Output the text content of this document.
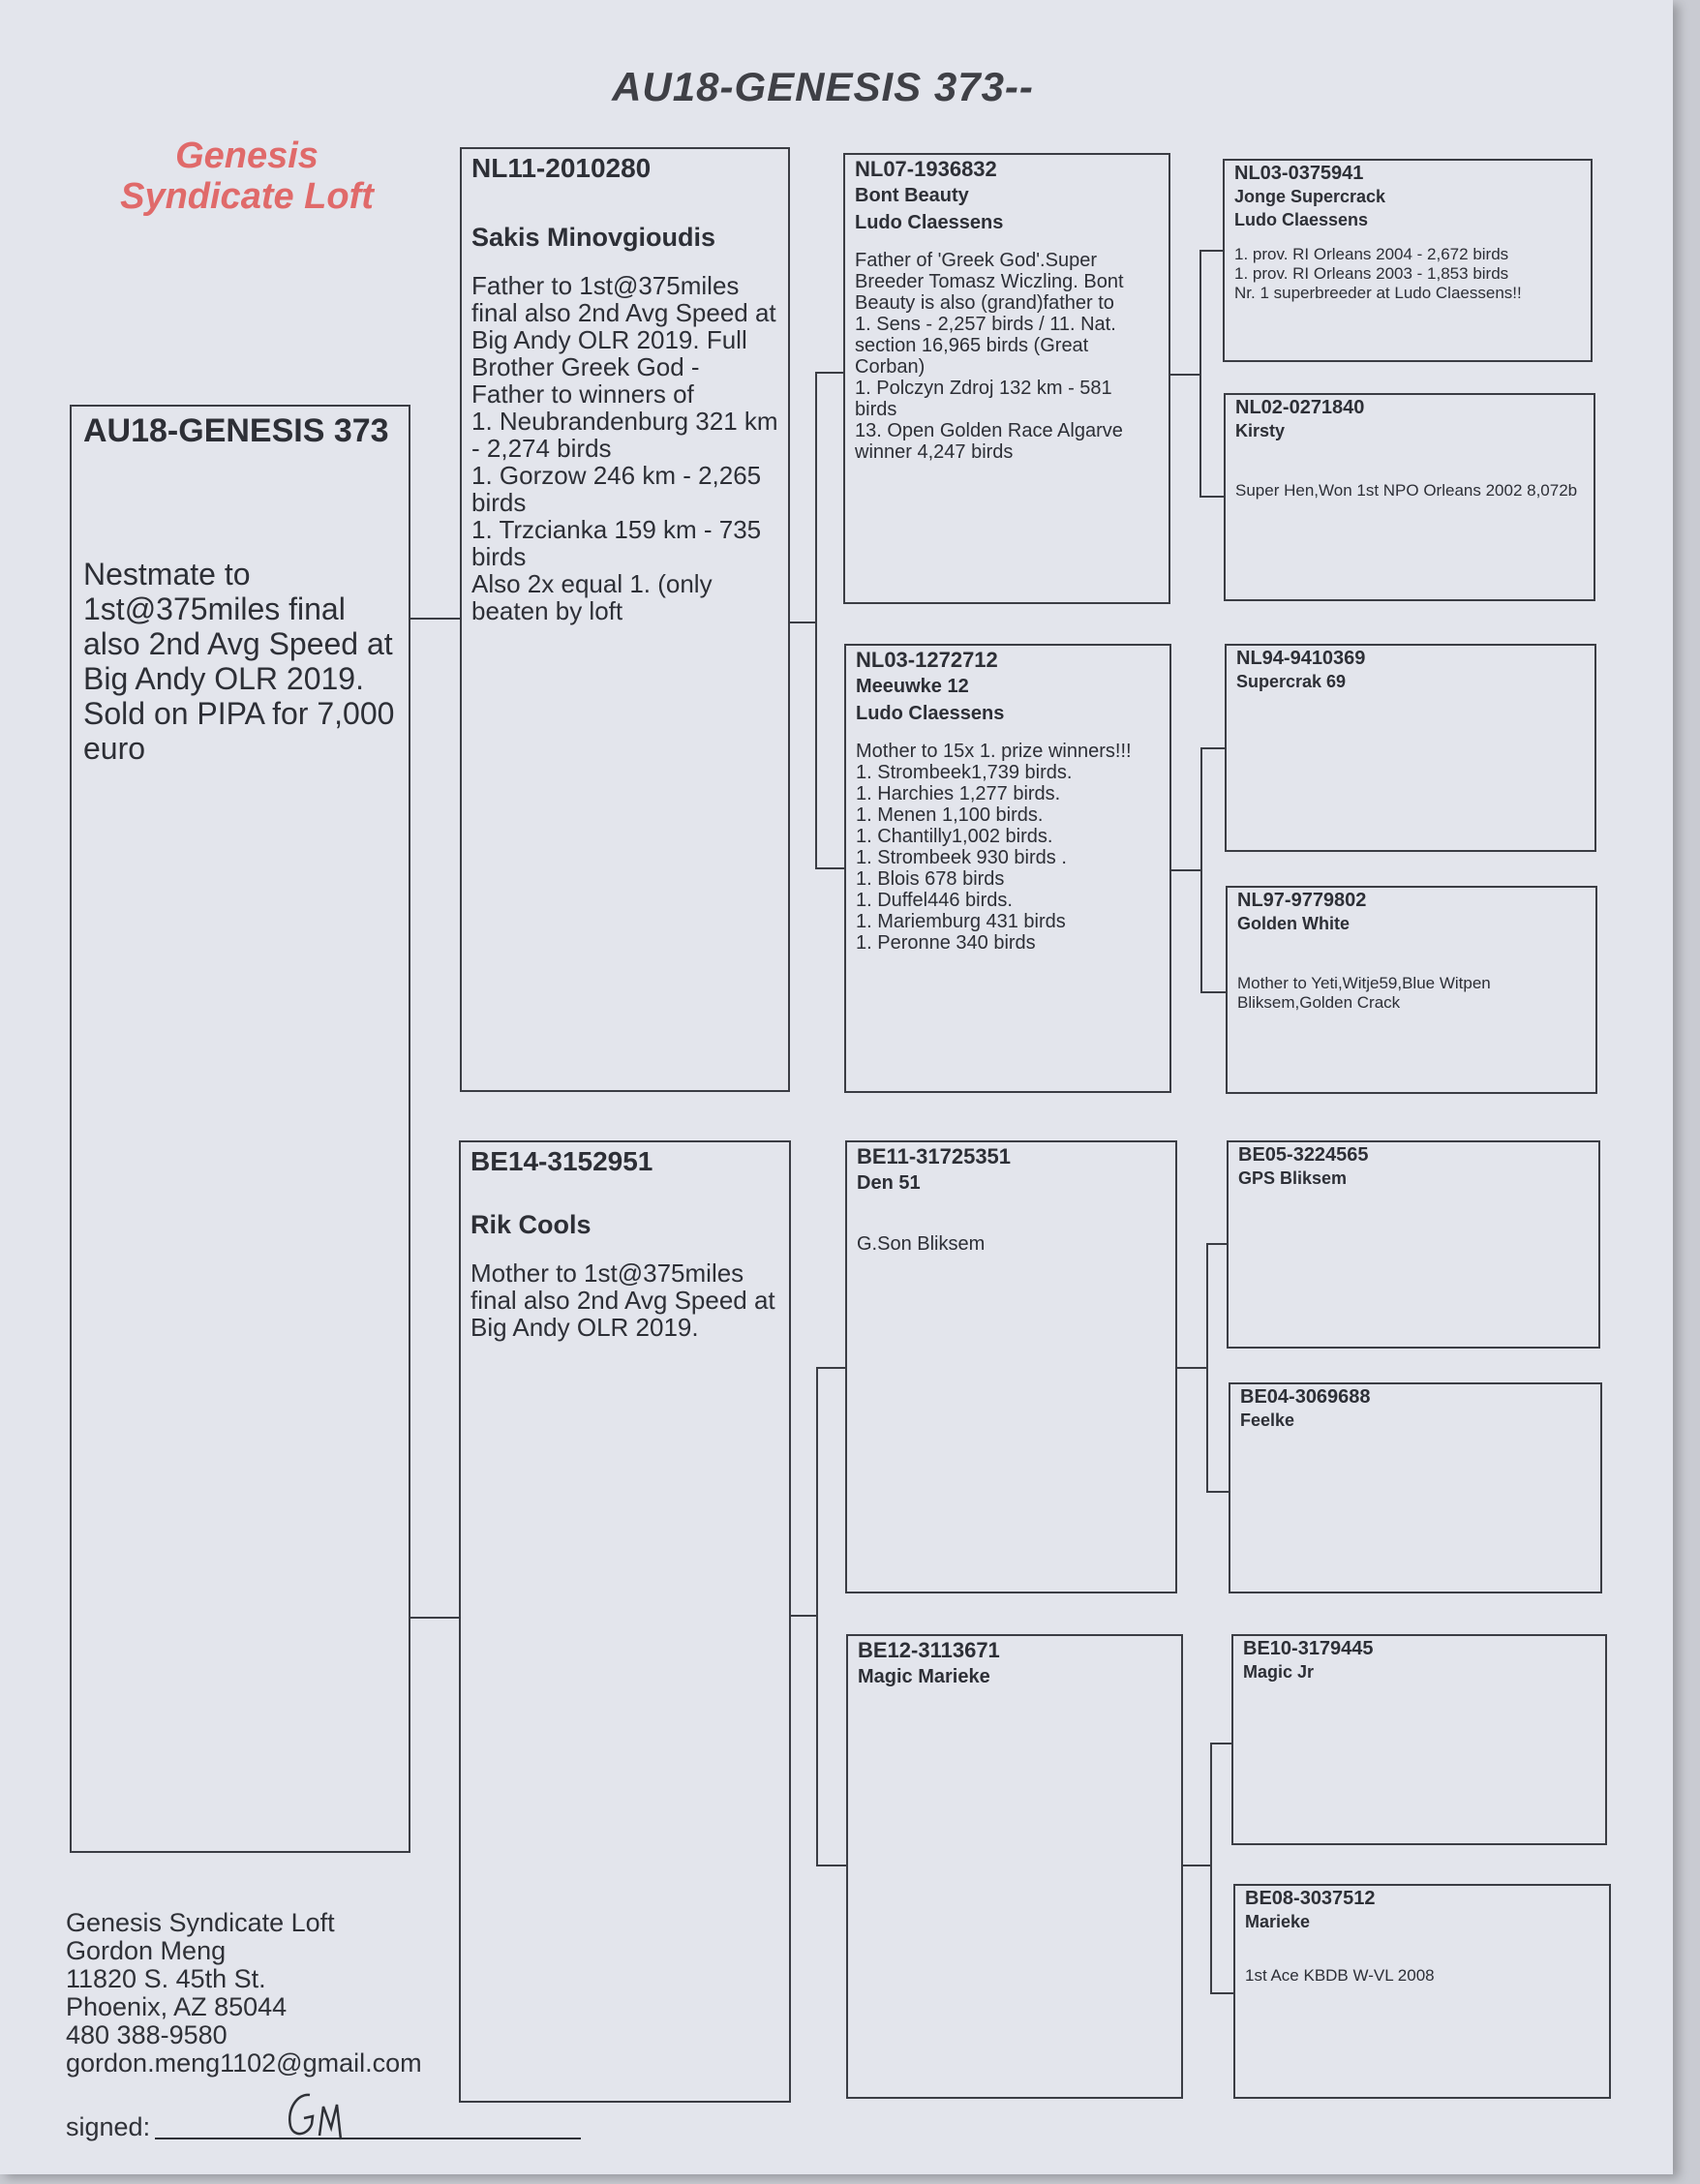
AU18-GENESIS 373--
Genesis
Syndicate Loft
AU18-GENESIS 373
Nestmate to 1st@375miles final also 2nd Avg Speed at Big Andy OLR 2019. Sold on PIPA for 7,000 euro
NL11-2010280
Sakis Minovgioudis
Father to 1st@375miles final also 2nd Avg Speed at Big Andy OLR 2019. Full Brother Greek God - Father to winners of
1. Neubrandenburg 321 km - 2,274 birds
1. Gorzow 246 km - 2,265 birds
1. Trzcianka 159 km - 735 birds
Also 2x equal 1. (only beaten by loft
BE14-3152951
Rik Cools
Mother to 1st@375miles final also 2nd Avg Speed at Big Andy OLR 2019.
NL07-1936832
Bont Beauty
Ludo Claessens
Father of 'Greek God'.Super Breeder Tomasz Wiczling. Bont Beauty is also (grand)father to
1. Sens - 2,257 birds / 11. Nat. section 16,965 birds (Great Corban)
1. Polczyn Zdroj 132 km - 581 birds
13. Open Golden Race Algarve winner 4,247 birds
NL03-1272712
Meeuwke 12
Ludo Claessens
Mother to 15x 1. prize winners!!!
1. Strombeek1,739 birds.
1. Harchies 1,277 birds.
1. Menen 1,100 birds.
1. Chantilly1,002 birds.
1. Strombeek 930 birds .
1. Blois 678 birds
1. Duffel446 birds.
1. Mariemburg 431 birds
1. Peronne 340 birds
BE11-31725351
Den 51
G.Son Bliksem
BE12-3113671
Magic Marieke
NL03-0375941
Jonge Supercrack
Ludo Claessens
1. prov. RI Orleans 2004 - 2,672 birds
1. prov. RI Orleans 2003 - 1,853 birds
Nr. 1 superbreeder at Ludo Claessens!!
NL02-0271840
Kirsty
Super Hen,Won 1st NPO Orleans 2002 8,072b
NL94-9410369
Supercrak 69
NL97-9779802
Golden White
Mother to Yeti,Witje59,Blue Witpen Bliksem,Golden Crack
BE05-3224565
GPS Bliksem
BE04-3069688
Feelke
BE10-3179445
Magic Jr
BE08-3037512
Marieke
1st Ace KBDB W-VL 2008
Genesis Syndicate Loft
Gordon Meng
11820 S. 45th St.
Phoenix, AZ 85044
480 388-9580
gordon.meng1102@gmail.com
signed:
